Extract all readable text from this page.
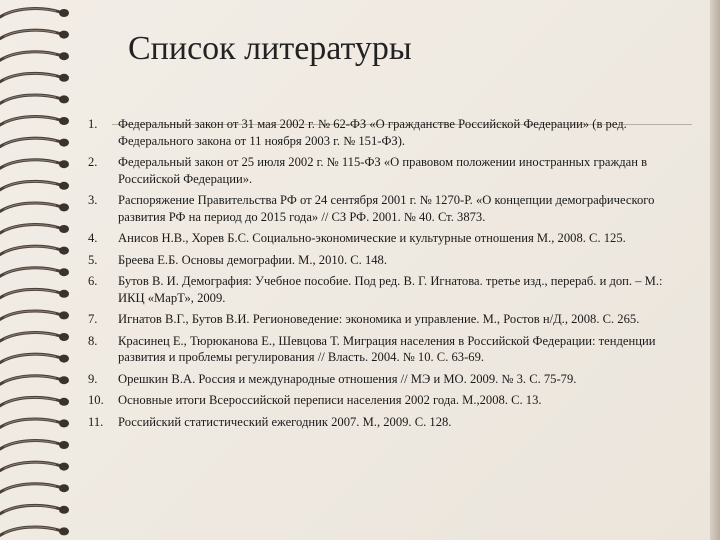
Список литературы
1.	Федеральный закон от 31 мая 2002 г. № 62-ФЗ «О гражданстве Российской Федерации» (в ред. Федерального закона от 11 ноября 2003 г. № 151-ФЗ).
2.	Федеральный закон от 25 июля 2002 г. № 115-ФЗ «О правовом положении иностранных граждан в Российской Федерации».
3.	Распоряжение Правительства РФ от 24 сентября 2001 г. № 1270-Р. «О концепции демографического развития РФ на период до 2015 года» // СЗ РФ. 2001. № 40. Ст. 3873.
4.	Анисов Н.В., Хорев Б.С. Социально-экономические и культурные отношения М., 2008. С. 125.
5.	Бреева Е.Б. Основы демографии. М., 2010. С. 148.
6.	Бутов В. И. Демография: Учебное пособие. Под ред. В. Г. Игнатова. третье изд., перераб. и доп. – М.: ИКЦ «МарТ», 2009.
7.	Игнатов В.Г., Бутов В.И. Регионоведение: экономика и управление. М., Ростов н/Д., 2008. С. 265.
8.	Красинец Е., Тюрюканова Е., Шевцова Т. Миграция населения в Российской Федерации: тенденции развития и проблемы регулирования // Власть. 2004. № 10. С. 63-69.
9.	Орешкин В.А. Россия и международные отношения // МЭ и МО. 2009. № 3. С. 75-79.
10.	Основные итоги Всероссийской переписи населения 2002 года. М.,2008. С. 13.
11.	Российский статистический ежегодник 2007. М., 2009. С. 128.
